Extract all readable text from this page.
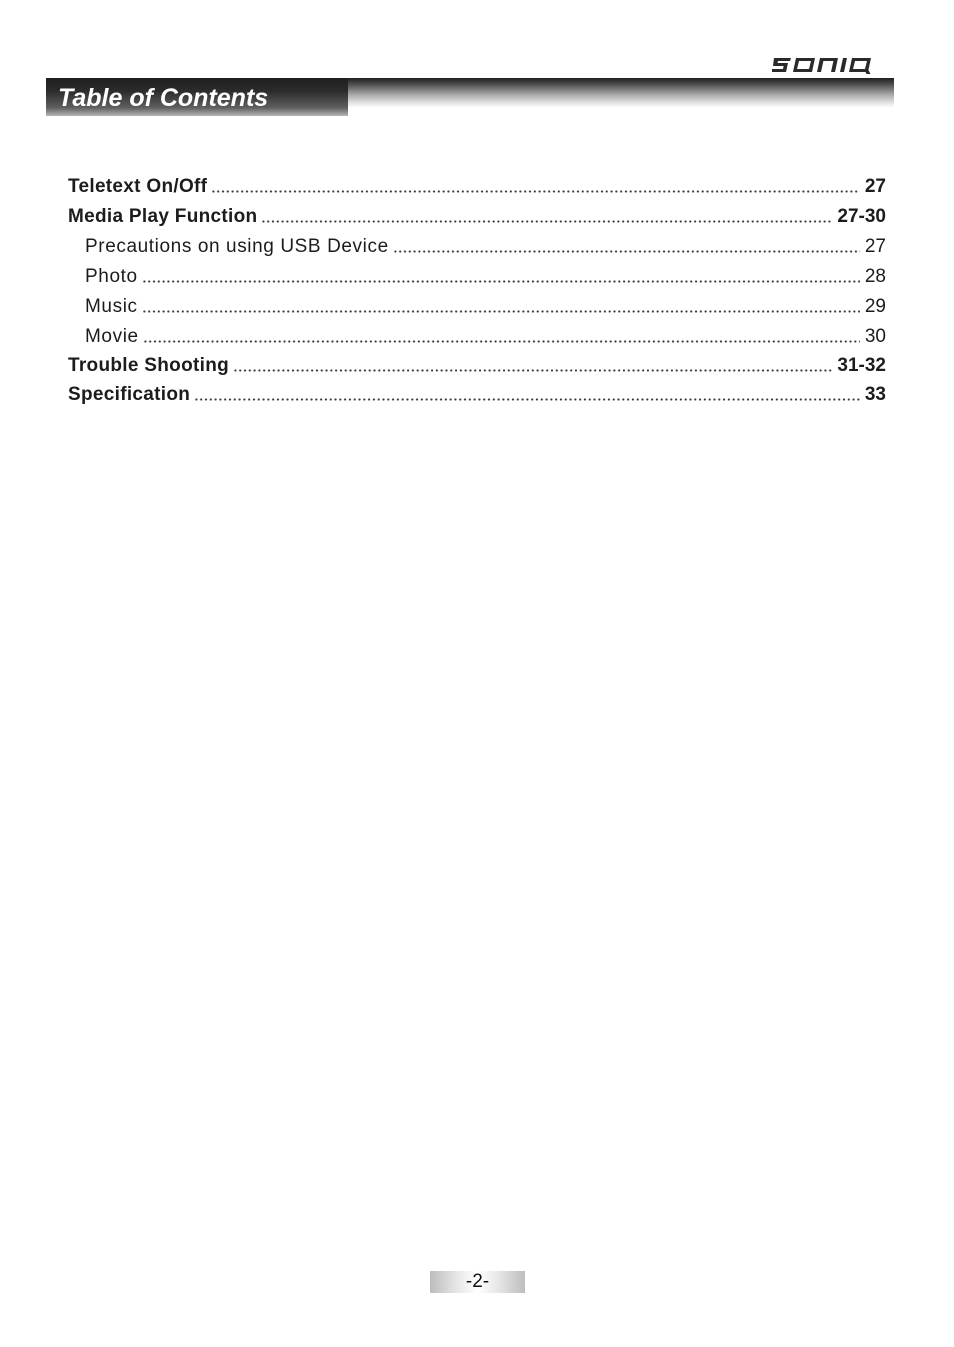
Table of Contents
Teletext On/Off	27
Media Play Function	27-30
Precautions on using USB Device	27
Photo	28
Music	29
Movie	30
Trouble Shooting	31-32
Specification	33
-2-
